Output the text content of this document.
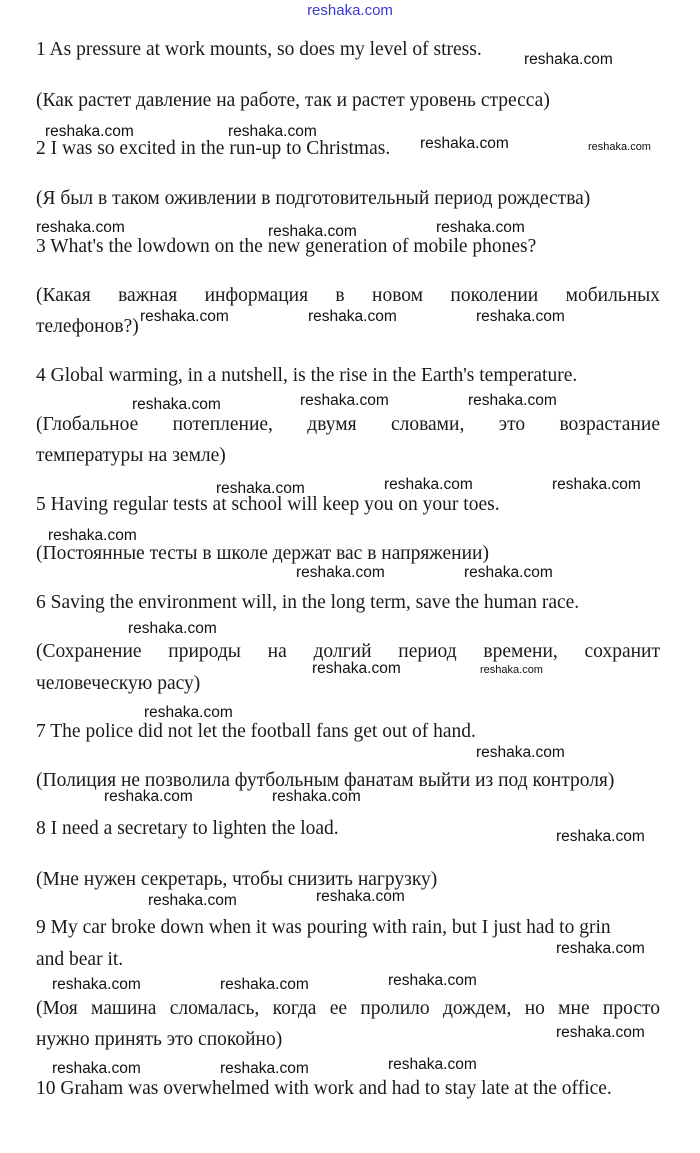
reshaka.com
1 As pressure at work mounts, so does my level of stress.
(Как растет давление на работе, так и растет уровень стресса)
2 I was so excited in the run-up to Christmas.
(Я был в таком оживлении в подготовительный период рождества)
3 What's the lowdown on the new generation of mobile phones?
(Какая важная информация в новом поколении мобильных
телефонов?)
4 Global warming, in a nutshell, is the rise in the Earth's temperature.
(Глобальное потепление, двумя словами, это возрастание
температуры на земле)
5 Having regular tests at school will keep you on your toes.
(Постоянные тесты в школе держат вас в напряжении)
6 Saving the environment will, in the long term, save the human race.
(Сохранение природы на долгий период времени, сохранит
человеческую расу)
7 The police did not let the football fans get out of hand.
(Полиция не позволила футбольным фанатам выйти из под контроля)
8 I need a secretary to lighten the load.
(Мне нужен секретарь, чтобы снизить нагрузку)
9 My car broke down when it was pouring with rain, but I just had to grin
and bear it.
(Моя машина сломалась, когда ее пролило дождем, но мне просто
нужно принять это спокойно)
10 Graham was overwhelmed with work and had to stay late at the office.
reshaka.com
reshaka.com	reshaka.com
reshaka.com	reshaka.com
reshaka.com	reshaka.com	reshaka.com
reshaka.com	reshaka.com	reshaka.com
reshaka.com	reshaka.com	reshaka.com
reshaka.com	reshaka.com	reshaka.com
reshaka.com
reshaka.com	reshaka.com
reshaka.com
reshaka.com	reshaka.com
reshaka.com
reshaka.com
reshaka.com	reshaka.com
reshaka.com
reshaka.com	reshaka.com
reshaka.com
reshaka.com	reshaka.com	reshaka.com
reshaka.com
reshaka.com	reshaka.com	reshaka.com
